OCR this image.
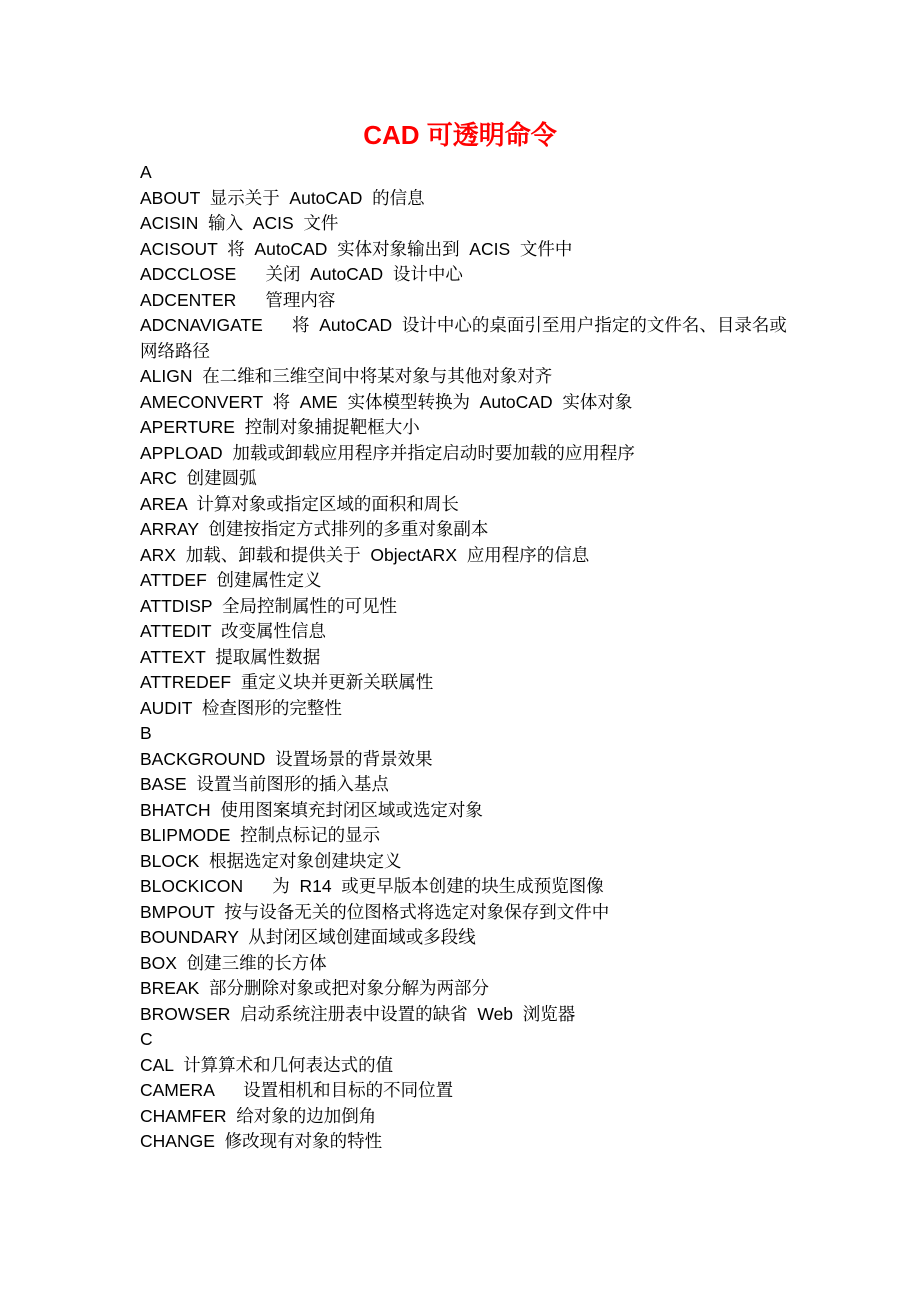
CAD 可透明命令

A

ABOUT  显示关于  AutoCAD  的信息

ACISIN  输入  ACIS  文件

ACISOUT  将  AutoCAD  实体对象输出到  ACIS  文件中

ADCCLOSE      关闭  AutoCAD  设计中心

ADCENTER      管理内容

ADCNAVIGATE      将  AutoCAD  设计中心的桌面引至用户指定的文件名、目录名或网络路径

ALIGN  在二维和三维空间中将某对象与其他对象对齐

AMECONVERT  将  AME  实体模型转换为  AutoCAD  实体对象

APERTURE  控制对象捕捉靶框大小

APPLOAD  加载或卸载应用程序并指定启动时要加载的应用程序

ARC  创建圆弧

AREA  计算对象或指定区域的面积和周长

ARRAY  创建按指定方式排列的多重对象副本

ARX  加载、卸载和提供关于  ObjectARX  应用程序的信息

ATTDEF  创建属性定义

ATTDISP  全局控制属性的可见性

ATTEDIT  改变属性信息

ATTEXT  提取属性数据

ATTREDEF  重定义块并更新关联属性

AUDIT  检查图形的完整性

B

BACKGROUND  设置场景的背景效果

BASE  设置当前图形的插入基点

BHATCH  使用图案填充封闭区域或选定对象

BLIPMODE  控制点标记的显示

BLOCK  根据选定对象创建块定义

BLOCKICON      为  R14  或更早版本创建的块生成预览图像

BMPOUT  按与设备无关的位图格式将选定对象保存到文件中

BOUNDARY  从封闭区域创建面域或多段线

BOX  创建三维的长方体

BREAK  部分删除对象或把对象分解为两部分

BROWSER  启动系统注册表中设置的缺省  Web  浏览器

C

CAL  计算算术和几何表达式的值

CAMERA      设置相机和目标的不同位置

CHAMFER  给对象的边加倒角

CHANGE  修改现有对象的特性
